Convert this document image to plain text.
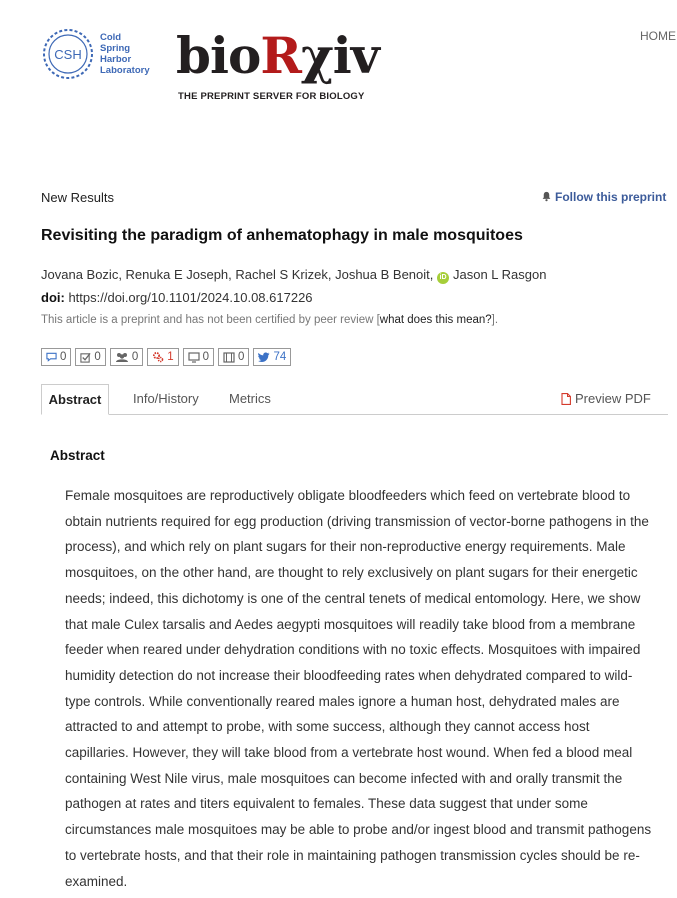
CSH
Cold
Spring
Harbor
Laboratory bioRχiv
THE PREPRINT SERVER FOR BIOLOGY
HOME
New Results	Follow this preprint
Revisiting the paradigm of anhematophagy in male mosquitoes
Jovana Bozic, Renuka E Joseph, Rachel S Krizek, Joshua B Benoit, iD Jason L Rasgon
doi: https://doi.org/10.1101/2024.10.08.617226
This article is a preprint and has not been certified by peer review [what does this mean?].
0 0	0	1	0	0	74
Abstract	Info/History Metrics	Preview PDF
Abstract
Female mosquitoes are reproductively obligate bloodfeeders which feed on vertebrate blood to obtain nutrients required for egg production (driving transmission of vector-borne pathogens in the process), and which rely on plant sugars for their non-reproductive energy requirements. Male mosquitoes, on the other hand, are thought to rely exclusively on plant sugars for their energetic needs; indeed, this dichotomy is one of the central tenets of medical entomology. Here, we show that male Culex tarsalis and Aedes aegypti mosquitoes will readily take blood from a membrane feeder when reared under dehydration conditions with no toxic effects. Mosquitoes with impaired humidity detection do not increase their bloodfeeding rates when dehydrated compared to wild-type controls. While conventionally reared males ignore a human host, dehydrated males are attracted to and attempt to probe, with some success, although they cannot access host capillaries. However, they will take blood from a vertebrate host wound. When fed a blood meal containing West Nile virus, male mosquitoes can become infected with and orally transmit the pathogen at rates and titers equivalent to females. These data suggest that under some circumstances male mosquitoes may be able to probe and/or ingest blood and transmit pathogens to vertebrate hosts, and that their role in maintaining pathogen transmission cycles should be re-examined.
